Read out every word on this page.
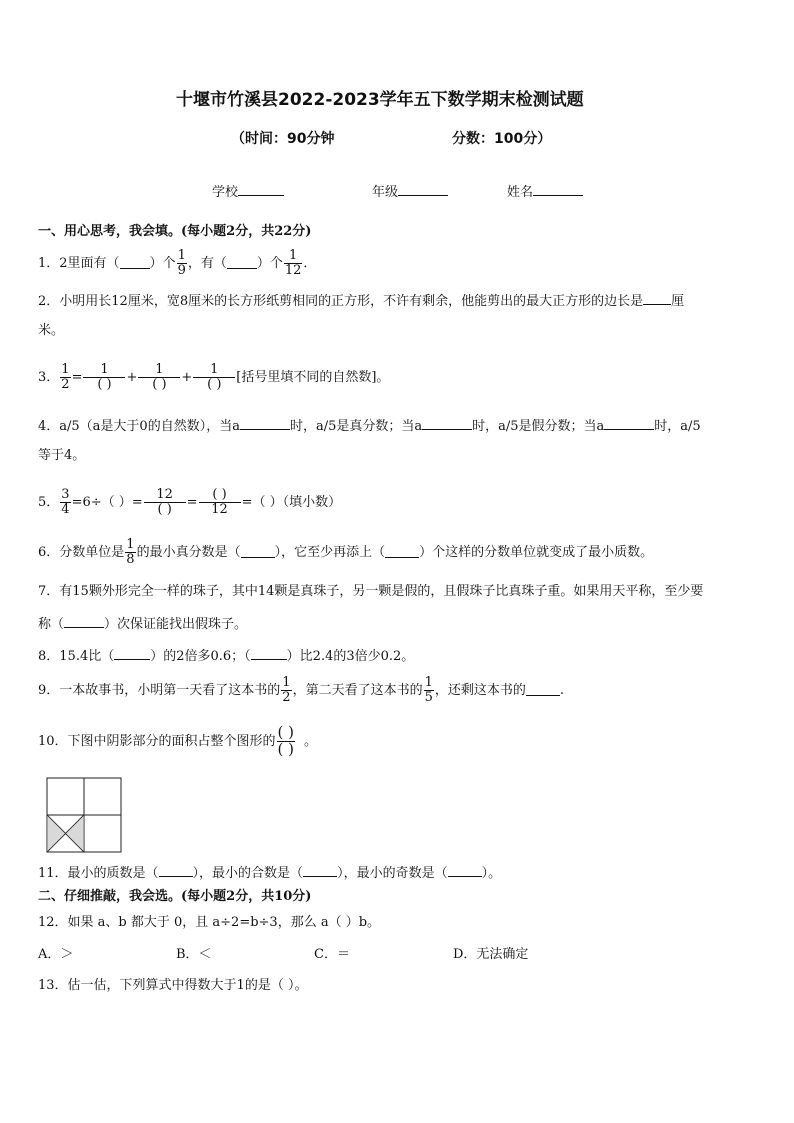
十堰市竹溪县2022-2023学年五下数学期末检测试题
（时间：90分钟	分数：100分）
学校	年级	姓名
一、用心思考，我会填。(每小题2分，共22分)
1．2里面有（ ）个 $\frac{1}{9}$ ，有（ ）个 $\frac{1}{12}$ ．
2．小明用长12厘米，宽8厘米的长方形纸剪相同的正方形，不许有剩余，他能剪出的最大正方形的边长是 厘
米。
3． $\frac{1}{2} = \frac{1}{( )} + \frac{1}{( )} + \frac{1}{( )}$ [括号里填不同的自然数]。
4．a/5（a是大于0的自然数），当a	时，a/5是真分数；当a	时，a/5是假分数；当a	时，a/5
等于4。
5． $\frac{3}{4} =6\div$（ ）= $\frac{12}{( )} = \frac{( )}{12}$ =（ ）（填小数）
6．分数单位是 $\frac{1}{8}$ 的最小真分数是（	），它至少再添上（	）个这样的分数单位就变成了最小质数。
7．有15颗外形完全一样的珠子，其中14颗是真珠子，另一颗是假的，且假珠子比真珠子重。如果用天平称，至少要
称（	）次保证能找出假珠子。
8．15.4比（	）的2倍多0.6；（	）比2.4的3倍少0.2。
9．一本故事书，小明第一天看了这本书的 $\frac{1}{2}$ ，第二天看了这本书的 $\frac{1}{5}$ ，还剩这本书的	.
10．下图中阴影部分的面积占整个图形的 $\frac{( )}{( )}$ 。
11．最小的质数是（	），最小的合数是（	），最小的奇数是（	）。
二、仔细推敲，我会选。(每小题2分，共10分)
12．如果 a、b 都大于 0，且 a÷2=b÷3，那么 a（ ）b。
A．＞	B．＜	C．＝	D．无法确定
13．估一估，下列算式中得数大于1的是（ ）。
